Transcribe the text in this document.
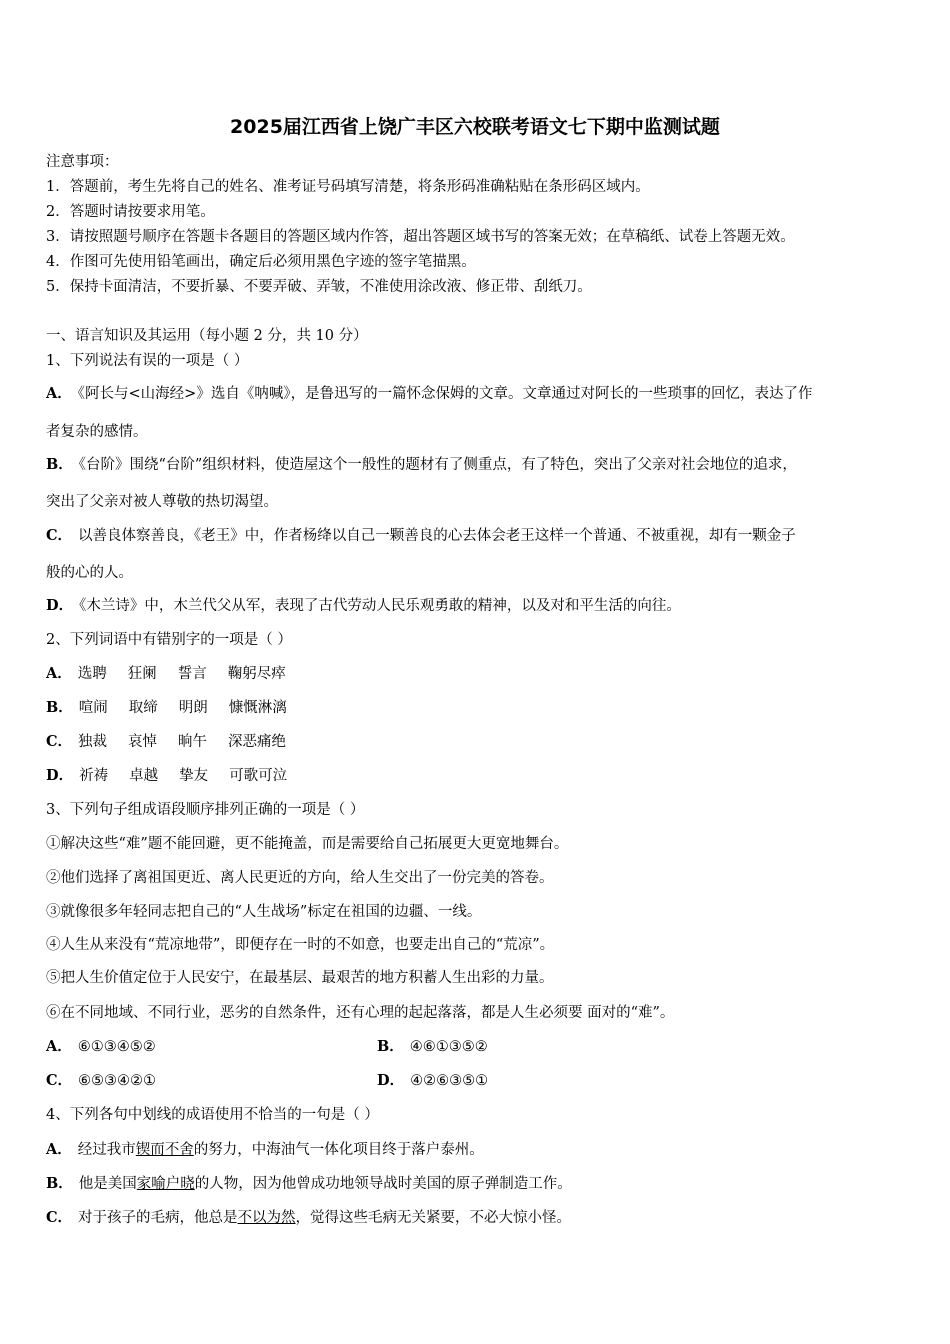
2025届江西省上饶广丰区六校联考语文七下期中监测试题
注意事项：
1．答题前，考生先将自己的姓名、准考证号码填写清楚，将条形码准确粘贴在条形码区域内。
2．答题时请按要求用笔。
3．请按照题号顺序在答题卡各题目的答题区域内作答，超出答题区域书写的答案无效；在草稿纸、试卷上答题无效。
4．作图可先使用铅笔画出，确定后必须用黑色字迹的签字笔描黑。
5．保持卡面清洁，不要折暴、不要弄破、弄皱，不准使用涂改液、修正带、刮纸刀。
一、语言知识及其运用（每小题 2 分，共 10 分）
1、下列说法有误的一项是（ ）
A． 《阿长与<山海经>》选自《呐喊》，是鲁迅写的一篇怀念保姆的文章。文章通过对阿长的一些琐事的回忆，表达了作
者复杂的感情。
B． 《台阶》围绕“台阶”组织材料，使造屋这个一般性的题材有了侧重点，有了特色，突出了父亲对社会地位的追求，
突出了父亲对被人尊敬的热切渴望。
C． 以善良体察善良，《老王》中，作者杨绛以自己一颗善良的心去体会老王这样一个普通、不被重视，却有一颗金子
般的心的人。
D． 《木兰诗》中，木兰代父从军，表现了古代劳动人民乐观勇敢的精神，以及对和平生活的向往。
2、下列词语中有错别字的一项是（ ）
A． 选聘 狂阑 誓言 鞠躬尽瘁
B． 喧闹 取缔 明朗 慷慨淋漓
C． 独裁 哀悼 晌午 深恶痛绝
D． 祈祷 卓越 挚友 可歌可泣
3、下列句子组成语段顺序排列正确的一项是（ ）
①解决这些“难”题不能回避，更不能掩盖，而是需要给自己拓展更大更宽地舞台。
②他们选择了离祖国更近、离人民更近的方向，给人生交出了一份完美的答卷。
③就像很多年轻同志把自己的“人生战场”标定在祖国的边疆、一线。
④人生从来没有“荒凉地带”，即便存在一时的不如意，也要走出自己的“荒凉”。
⑤把人生价值定位于人民安宁，在最基层、最艰苦的地方积蓄人生出彩的力量。
⑥在不同地域、不同行业，恶劣的自然条件，还有心理的起起落落，都是人生必须要 面对的“难”。
A． ⑥①③④⑤②	B． ④⑥①③⑤②
C． ⑥⑤③④②①	D． ④②⑥③⑤①
4、下列各句中划线的成语使用不恰当的一句是（ ）
A． 经过我市锲而不舍的努力，中海油气一体化项目终于落户泰州。
B． 他是美国家喻户晓的人物，因为他曾成功地领导战时美国的原子弹制造工作。
C． 对于孩子的毛病，他总是不以为然，觉得这些毛病无关紧要，不必大惊小怪。
